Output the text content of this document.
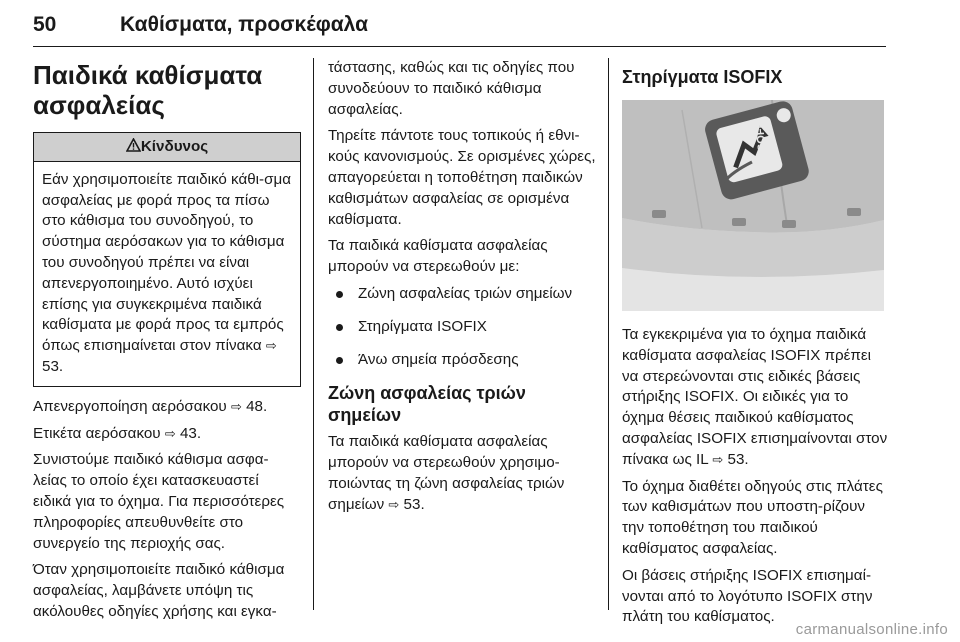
50	Καθίσματα, προσκέφαλα
Παιδικά καθίσματα
ασφαλείας
Κίνδυνος
Εάν χρησιμοποιείτε παιδικό κάθι-σμα ασφαλείας με φορά προς τα πίσω στο κάθισμα του συνοδηγού, το σύστημα αερόσακων για το κάθισμα του συνοδηγού πρέπει να είναι απενεργοποιημένο. Αυτό ισχύει επίσης για συγκεκριμένα παιδικά καθίσματα με φορά προς τα εμπρός όπως επισημαίνεται στον πίνακα ⇨ 53.

Απενεργοποίηση αερόσακου ⇨ 48.

Ετικέτα αερόσακου ⇨ 43.

Συνιστούμε παιδικό κάθισμα ασφα-λείας το οποίο έχει κατασκευαστεί ειδικά για το όχημα. Για περισσότερες πληροφορίες απευθυνθείτε στο συνεργείο της περιοχής σας.

Όταν χρησιμοποιείτε παιδικό κάθισμα ασφαλείας, λαμβάνετε υπόψη τις ακόλουθες οδηγίες χρήσης και εγκα-

τάστασης, καθώς και τις οδηγίες που συνοδεύουν το παιδικό κάθισμα ασφαλείας.

Τηρείτε πάντοτε τους τοπικούς ή εθνι-κούς κανονισμούς. Σε ορισμένες χώρες, απαγορεύεται η τοποθέτηση παιδικών καθισμάτων ασφαλείας σε ορισμένα καθίσματα.

Τα παιδικά καθίσματα ασφαλείας μπορούν να στερεωθούν με:

Ζώνη ασφαλείας τριών σημείων
Στηρίγματα ISOFIX
Άνω σημεία πρόσδεσης
Ζώνη ασφαλείας τριών σημείων

Τα παιδικά καθίσματα ασφαλείας μπορούν να στερεωθούν χρησιμο-ποιώντας τη ζώνη ασφαλείας τριών σημείων ⇨ 53.

Στηρίγματα ISOFIX
ISOFIX

Τα εγκεκριμένα για το όχημα παιδικά καθίσματα ασφαλείας ISOFIX πρέπει να στερεώνονται στις ειδικές βάσεις στήριξης ISOFIX. Οι ειδικές για το όχημα θέσεις παιδικού καθίσματος ασφαλείας ISOFIX επισημαίνονται στον πίνακα ως IL ⇨ 53.

Το όχημα διαθέτει οδηγούς στις πλάτες των καθισμάτων που υποστη-ρίζουν την τοποθέτηση του παιδικού καθίσματος ασφαλείας.

Οι βάσεις στήριξης ISOFIX επισημαί-νονται από το λογότυπο ISOFIX στην πλάτη του καθίσματος.

carmanualsonline.info
